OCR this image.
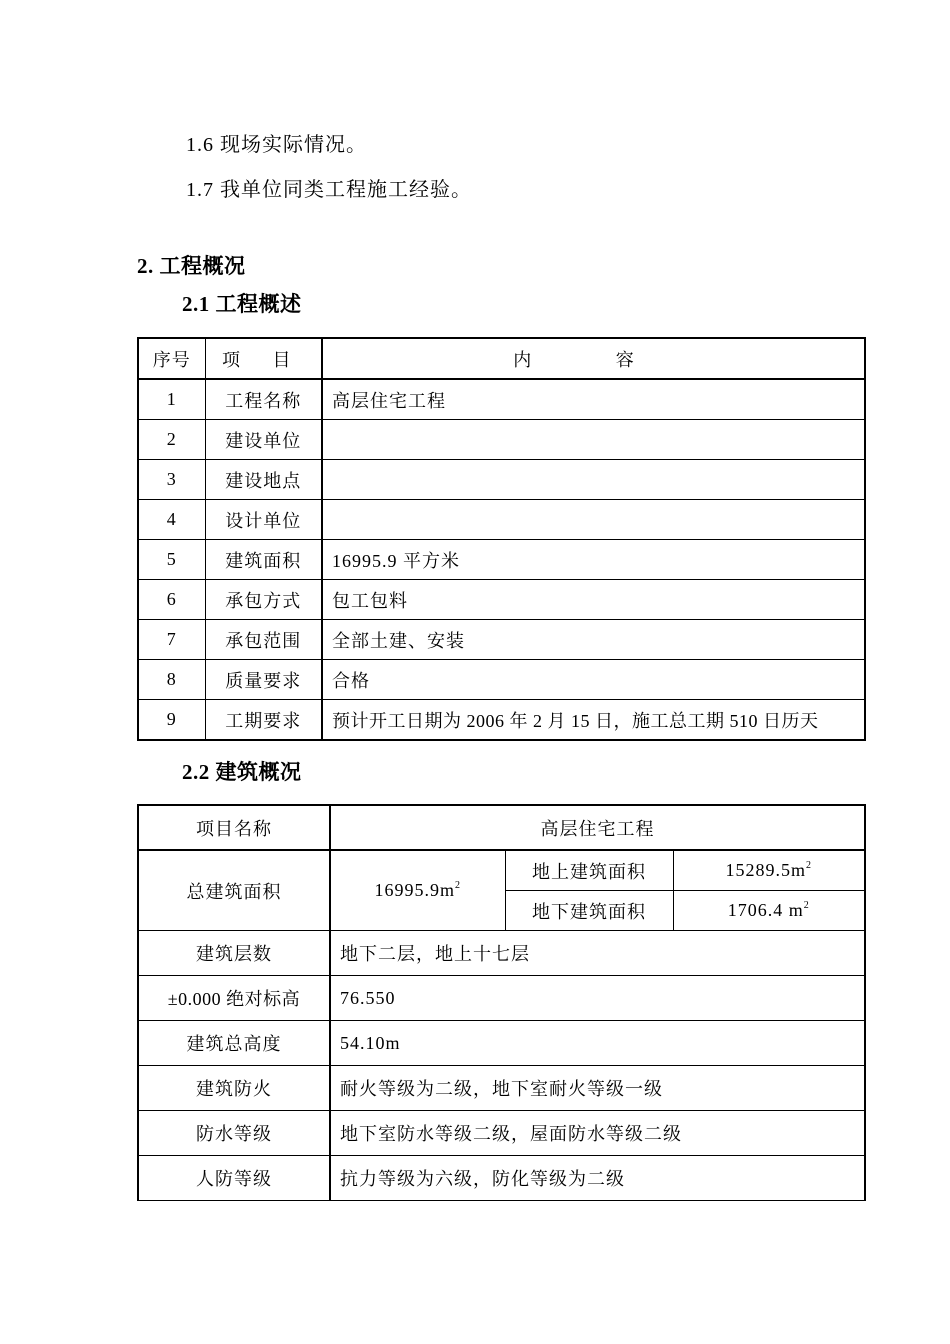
1.6 现场实际情况。
1.7 我单位同类工程施工经验。
2. 工程概况
2.1 工程概述
序号	项 目	内 容
1	工程名称	高层住宅工程
2	建设单位	
3	建设地点	
4	设计单位	
5	建筑面积	16995.9 平方米
6	承包方式	包工包料
7	承包范围	全部土建、安装
8	质量要求	合格
9	工期要求	预计开工日期为 2006 年 2 月 15 日，施工总工期 510 日历天
2.2 建筑概况
项目名称	高层住宅工程		
总建筑面积	$16995.9m^2$	地上建筑面积	$15289.5m^2$
		地下建筑面积	1706.4 $m^2$
建筑层数	地下二层，地上十七层		
±0.000 绝对标高	76.550		
建筑总高度	54.10m		
建筑防火	耐火等级为二级，地下室耐火等级一级		
防水等级	地下室防水等级二级，屋面防水等级二级		
人防等级	抗力等级为六级，防化等级为二级		
